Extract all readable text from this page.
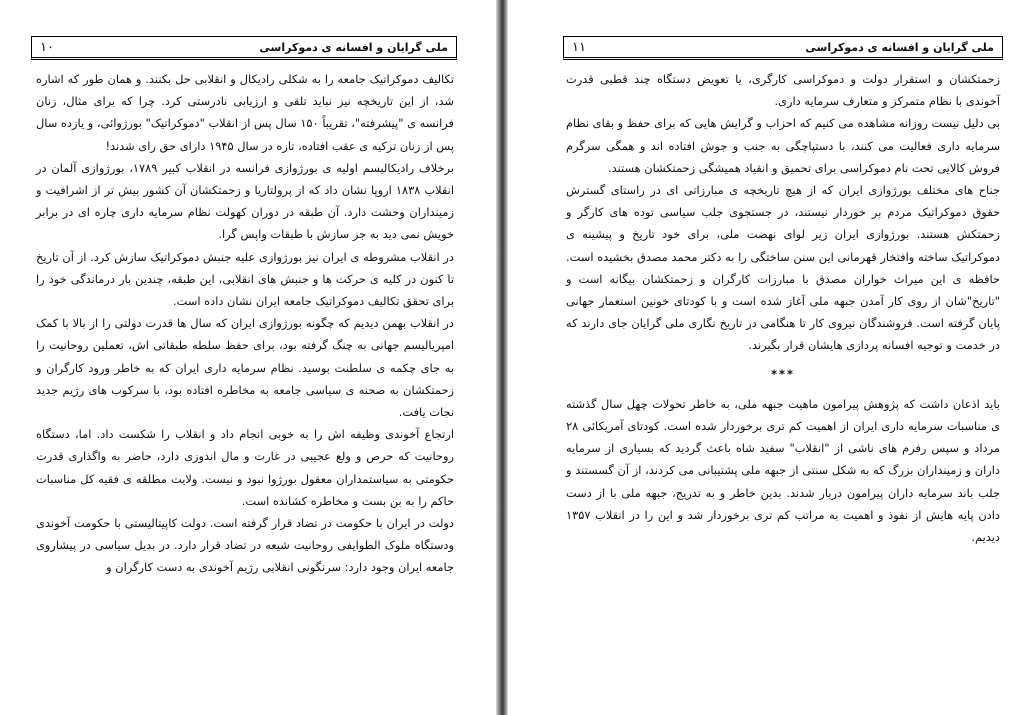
ملی گرایان و افسانه ی دموکراسی
۱۰

تکالیف دموکراتیک جامعه را به شکلی رادیکال و انقلابی حل بکنند. و همان طور که اشاره شد، از این تاریخچه نیز نباید تلقی و ارزیابی نادرستی کرد. چرا که برای مثال، زنان فرانسه ی "پیشرفته"، تقریباً ۱۵۰ سال پس از انقلاب "دموکراتیک" بورژوائی، و یازده سال پس از زنان ترکیه ی عقب افتاده، تازه در سال ۱۹۴۵ دارای حق رای شدند!

برخلاف رادیکالیسم اولیه ی بورژوازی فرانسه در انقلاب کبیر ۱۷۸۹، بورژوازی آلمان در انقلاب ۱۸۳۸ اروپا نشان داد که از پرولتاریا و زحمتکشان آن کشور بیش تر از اشرافیت و زمینداران وحشت دارد. آن طبقه در دوران کهولت نظام سرمایه داری چاره ای در برابر خویش نمی دید به جز سازش با طبقات واپس گرا.

در انقلاب مشروطه ی ایران نیز بورژوازی علیه جنبش دموکراتیک سازش کرد. از آن تاریخ تا کنون در کلیه ی حرکت ها و جنبش های انقلابی، این طبقه، چندین بار درماندگی خود را برای تحقق تکالیف دموکراتیک جامعه ایران نشان داده است.

در انقلاب بهمن دیدیم که چگونه بورژوازی ایران که سال ها قدرت دولتی را از بالا با کمک امپریالیسم جهانی به چنگ گرفته بود، برای حفظ سلطه طبقاتی اش، تعملین روحانیت را به جای چکمه ی سلطنت بوسید. نظام سرمایه داری ایران که به خاطر ورود کارگران و زحمتکشان به صحنه ی سیاسی جامعه به مخاطره افتاده بود، با سرکوب های رژیم جدید نجات یافت.

ارتجاع آخوندی وظیفه اش را به خوبی انجام داد و انقلاب را شکست داد. اما، دستگاه روحانیت که حرص و ولع عجیبی در غارت و مال اندوزی دارد، حاضر به واگذاری قدرت حکومتی به سیاستمداران معقول بورژوا نبود و نیست. ولایت مطلقه ی فقیه کل مناسبات حاکم را به بن بست و مخاطره کشانده است.

دولت در ایران با حکومت در تضاد قرار گرفته است. دولت کاپیتالیستی با حکومت آخوندی ودستگاه ملوک الطوایفی روحانیت شیعه در تضاد قرار دارد. در بدیل سیاسی در پیشاروی جامعه ایران وجود دارد: سرنگونی انقلابی رژیم آخوندی به دست کارگران و

ملی گرایان و افسانه ی دموکراسی
۱۱

زحمتکشان و استقرار دولت و دموکراسی کارگری، یا تعویض دستگاه چند قطبی قدرت آخوندی با نظام متمرکز و متعارف سرمایه داری.

بی دلیل نیست روزانه مشاهده می کنیم که احزاب و گرایش هایی که برای حفظ و بقای نظام سرمایه داری فعالیت می کنند، با دستپاچگی به جنب و جوش افتاده اند و همگی سرگرم فروش کالایی تحت نام دموکراسی برای تحمیق و انقیاد همیشگی زحمتکشان هستند.

جناح های مختلف بورژوازی ایران که از هیچ تاریخچه ی مبارزاتی ای در راستای گسترش حقوق دموکراتیک مردم بر خوردار نیستند، در جستجوی جلب سیاسی توده های کارگر و زحمتکش هستند. بورژوازی ایران زیر لوای نهضت ملی، برای خود تاریخ و پیشینه ی دموکراتیک ساخته وافتخار قهرمانی این سنن ساختگی را به دکتر محمد مصدق بخشیده است. حافظه ی این میراث خواران مصدق با مبارزات کارگران و زحمتکشان بیگانه است و "تاریخ"شان از روی کار آمدن جبهه ملی آغاز شده است و با کودتای خونین استعمار جهانی پایان گرفته است. فروشندگان نیروی کار تا هنگامی در تاریخ نگاری ملی گرایان جای دارند که در خدمت و توجیه افسانه پردازی هایشان قرار بگیرند.

***

باید اذعان داشت که پژوهش پیرامون ماهیت جبهه ملی، به خاطر تحولات چهل سال گذشته ی مناسبات سرمایه داری ایران از اهمیت کم تری برخوردار شده است. کودتای آمریکائی ۲۸ مرداد و سپس رفرم های ناشی از "انقلاب" سفید شاه باعث گردید که بسیاری از سرمایه داران و زمینداران بزرگ که به شکل سنتی از جبهه ملی پشتیبانی می کردند، از آن گسستند و جلب باند سرمایه داران پیرامون دربار شدند. بدین خاطر و به تدریج، جبهه ملی با از دست دادن پایه هایش از نفوذ و اهمیت به مراتب کم تری برخوردار شد و این را در انقلاب ۱۳۵۷ دیدیم.
